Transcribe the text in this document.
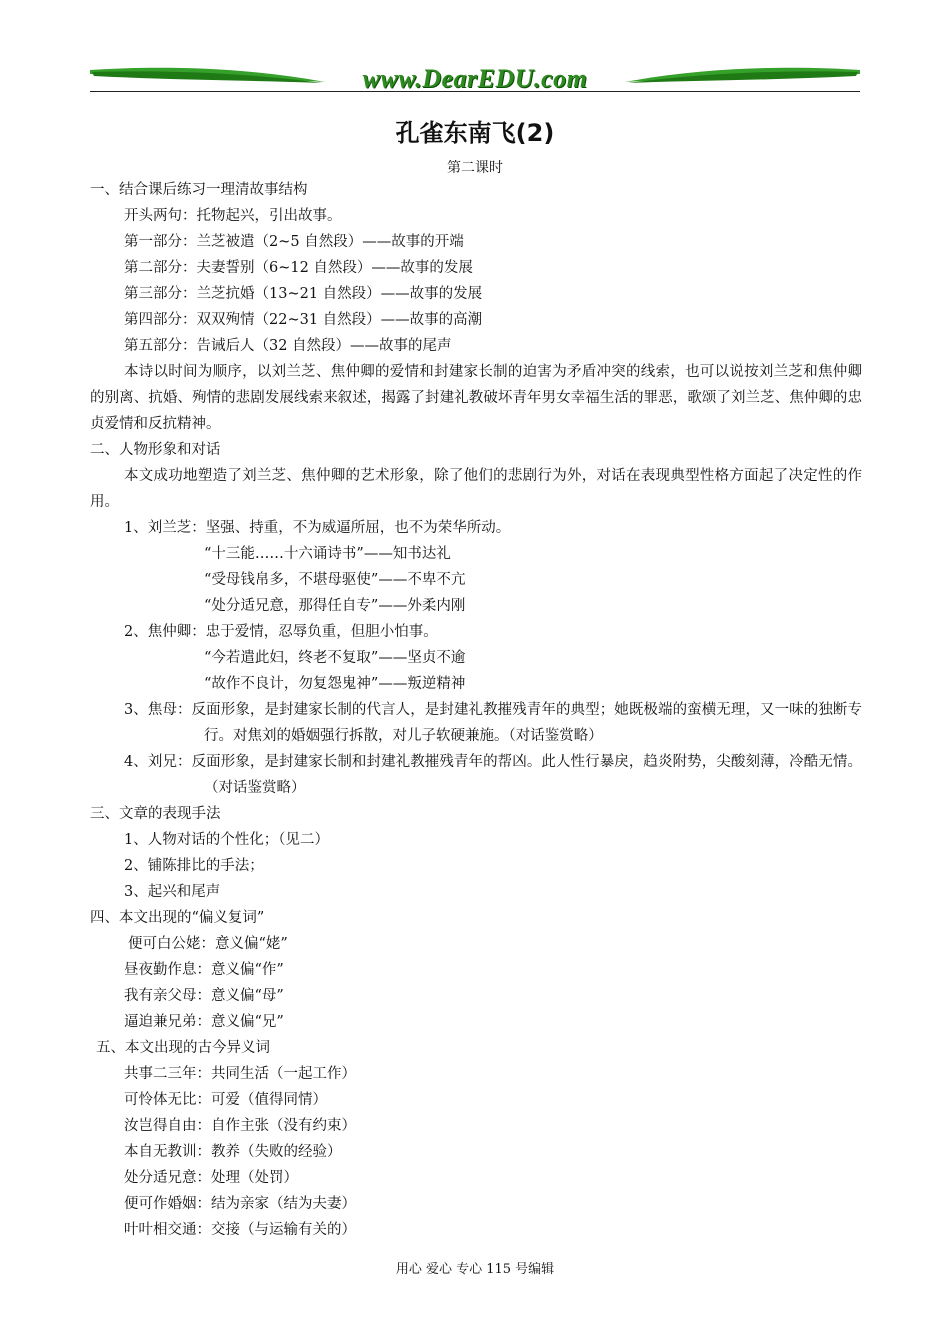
www.DearEDU.com
孔雀东南飞(2)
第二课时

一、结合课后练习一理清故事结构

开头两句：托物起兴，引出故事。

第一部分：兰芝被遣（2~5 自然段）——故事的开端

第二部分：夫妻誓别（6~12 自然段）——故事的发展

第三部分：兰芝抗婚（13~21 自然段）——故事的发展

第四部分：双双殉情（22~31 自然段）——故事的高潮

第五部分：告诫后人（32 自然段）——故事的尾声

本诗以时间为顺序，以刘兰芝、焦仲卿的爱情和封建家长制的迫害为矛盾冲突的线索，也可以说按刘兰芝和焦仲卿的别离、抗婚、殉情的悲剧发展线索来叙述，揭露了封建礼教破坏青年男女幸福生活的罪恶，歌颂了刘兰芝、焦仲卿的忠贞爱情和反抗精神。

二、人物形象和对话

本文成功地塑造了刘兰芝、焦仲卿的艺术形象，除了他们的悲剧行为外，对话在表现典型性格方面起了决定性的作用。

1、刘兰芝：坚强、持重，不为威逼所屈，也不为荣华所动。

“十三能……十六诵诗书”——知书达礼

“受母钱帛多，不堪母驱使”——不卑不亢

“处分适兄意，那得任自专”——外柔内刚

2、焦仲卿：忠于爱情，忍辱负重，但胆小怕事。

“今若遣此妇，终老不复取”——坚贞不逾

“故作不良计，勿复怨鬼神”——叛逆精神

3、焦母：反面形象，是封建家长制的代言人，是封建礼教摧残青年的典型；她既极端的蛮横无理，又一味的独断专行。对焦刘的婚姻强行拆散，对儿子软硬兼施。（对话鉴赏略）

4、刘兄：反面形象，是封建家长制和封建礼教摧残青年的帮凶。此人性行暴戾，趋炎附势，尖酸刻薄，冷酷无情。（对话鉴赏略）

三、文章的表现手法

1、人物对话的个性化；（见二）

2、铺陈排比的手法；

3、起兴和尾声

四、本文出现的“偏义复词”

便可白公姥：意义偏“姥”

昼夜勤作息：意义偏“作”

我有亲父母：意义偏“母”

逼迫兼兄弟：意义偏“兄”

五、本文出现的古今异义词

共事二三年：共同生活（一起工作）

可怜体无比：可爱（值得同情）

汝岂得自由：自作主张（没有约束）

本自无教训：教养（失败的经验）

处分适兄意：处理（处罚）

便可作婚姻：结为亲家（结为夫妻）

叶叶相交通：交接（与运输有关的）

用心 爱心 专心 115 号编辑
